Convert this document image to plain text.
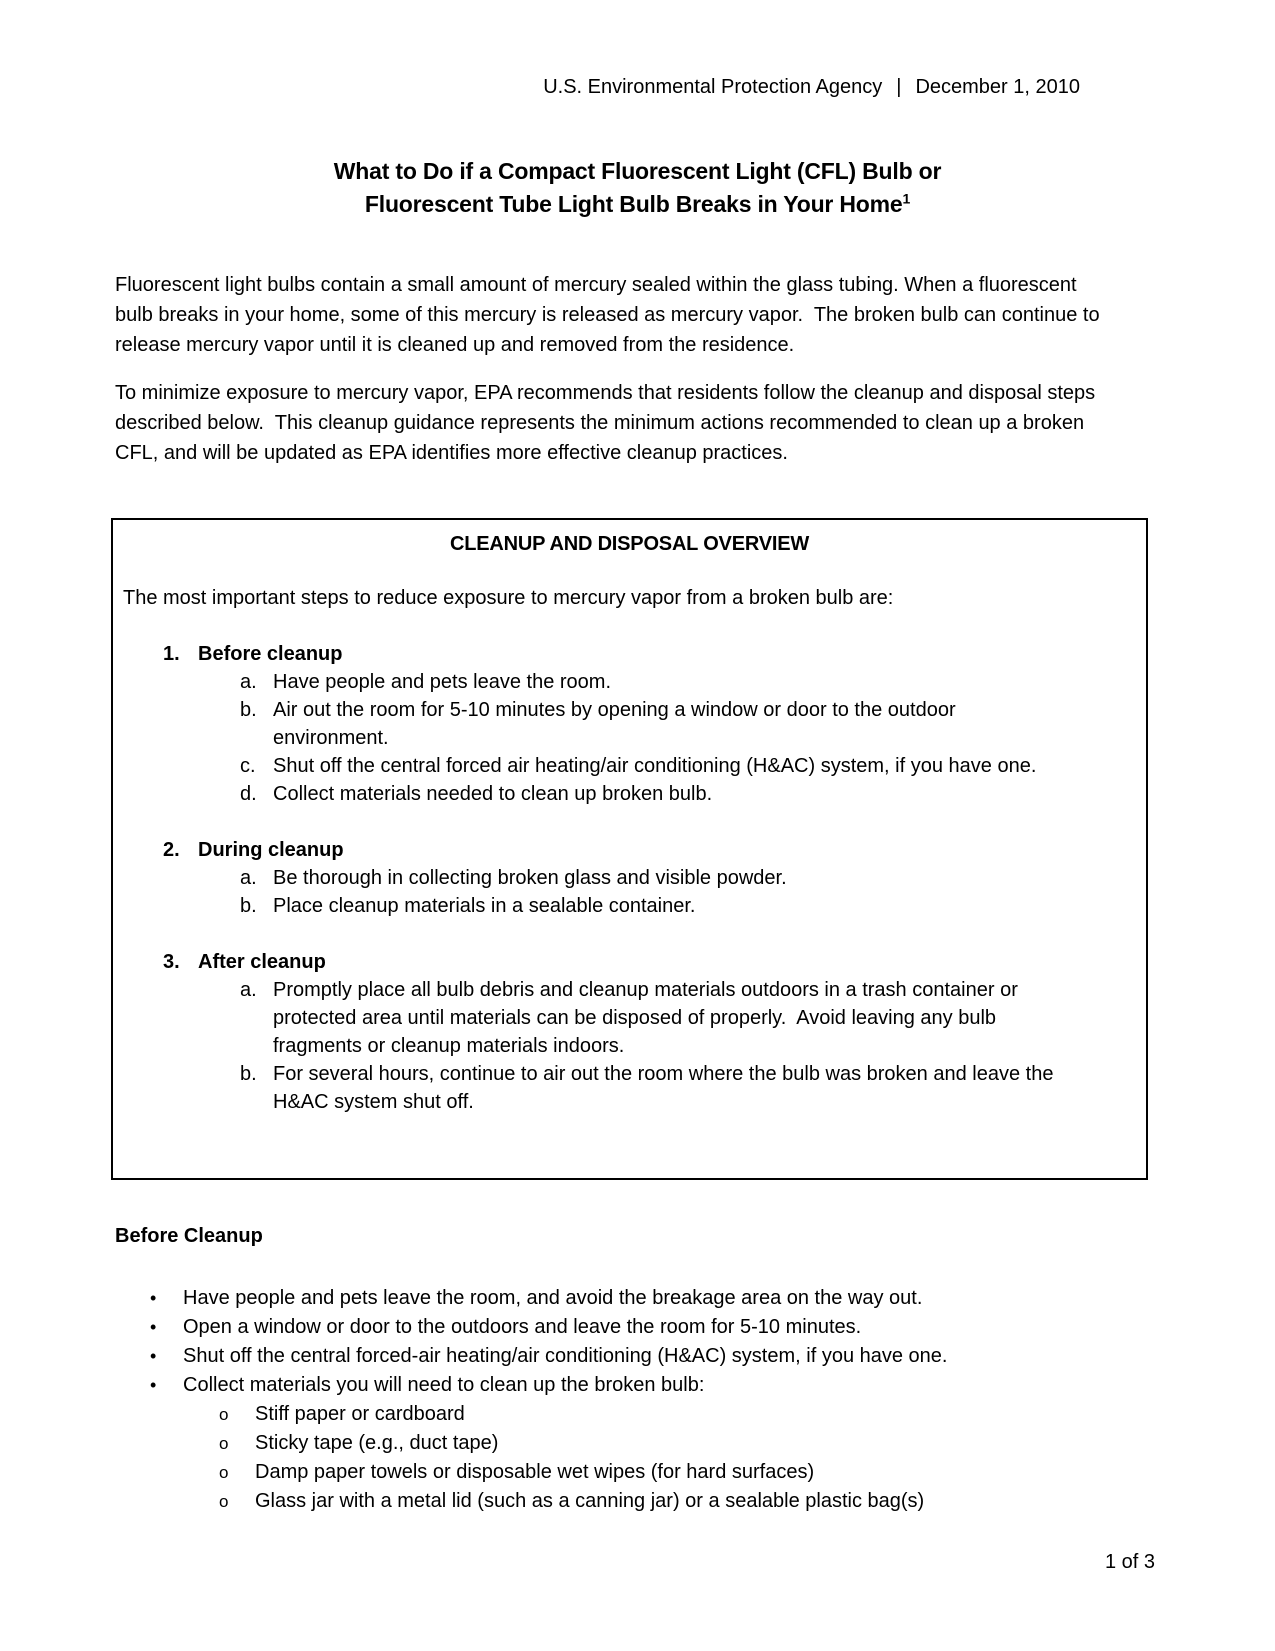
U.S. Environmental Protection Agency | December 1, 2010
What to Do if a Compact Fluorescent Light (CFL) Bulb or
Fluorescent Tube Light Bulb Breaks in Your Home$^1$
Fluorescent light bulbs contain a small amount of mercury sealed within the glass tubing. When a fluorescent
bulb breaks in your home, some of this mercury is released as mercury vapor.  The broken bulb can continue to
release mercury vapor until it is cleaned up and removed from the residence.
To minimize exposure to mercury vapor, EPA recommends that residents follow the cleanup and disposal steps
described below.  This cleanup guidance represents the minimum actions recommended to clean up a broken
CFL, and will be updated as EPA identifies more effective cleanup practices.
CLEANUP AND DISPOSAL OVERVIEW
The most important steps to reduce exposure to mercury vapor from a broken bulb are:
1. Before cleanup
a. Have people and pets leave the room.
b. Air out the room for 5-10 minutes by opening a window or door to the outdoor
environment.
c. Shut off the central forced air heating/air conditioning (H&AC) system, if you have one.
d. Collect materials needed to clean up broken bulb.
2. During cleanup
a. Be thorough in collecting broken glass and visible powder.
b. Place cleanup materials in a sealable container.
3. After cleanup
a. Promptly place all bulb debris and cleanup materials outdoors in a trash container or
protected area until materials can be disposed of properly.  Avoid leaving any bulb
fragments or cleanup materials indoors.
b. For several hours, continue to air out the room where the bulb was broken and leave the
H&AC system shut off.
Before Cleanup
•	Have people and pets leave the room, and avoid the breakage area on the way out.
•	Open a window or door to the outdoors and leave the room for 5-10 minutes.
•	Shut off the central forced-air heating/air conditioning (H&AC) system, if you have one.
•	Collect materials you will need to clean up the broken bulb:
o	Stiff paper or cardboard
o	Sticky tape (e.g., duct tape)
o	Damp paper towels or disposable wet wipes (for hard surfaces)
o	Glass jar with a metal lid (such as a canning jar) or a sealable plastic bag(s)
1 of 3
